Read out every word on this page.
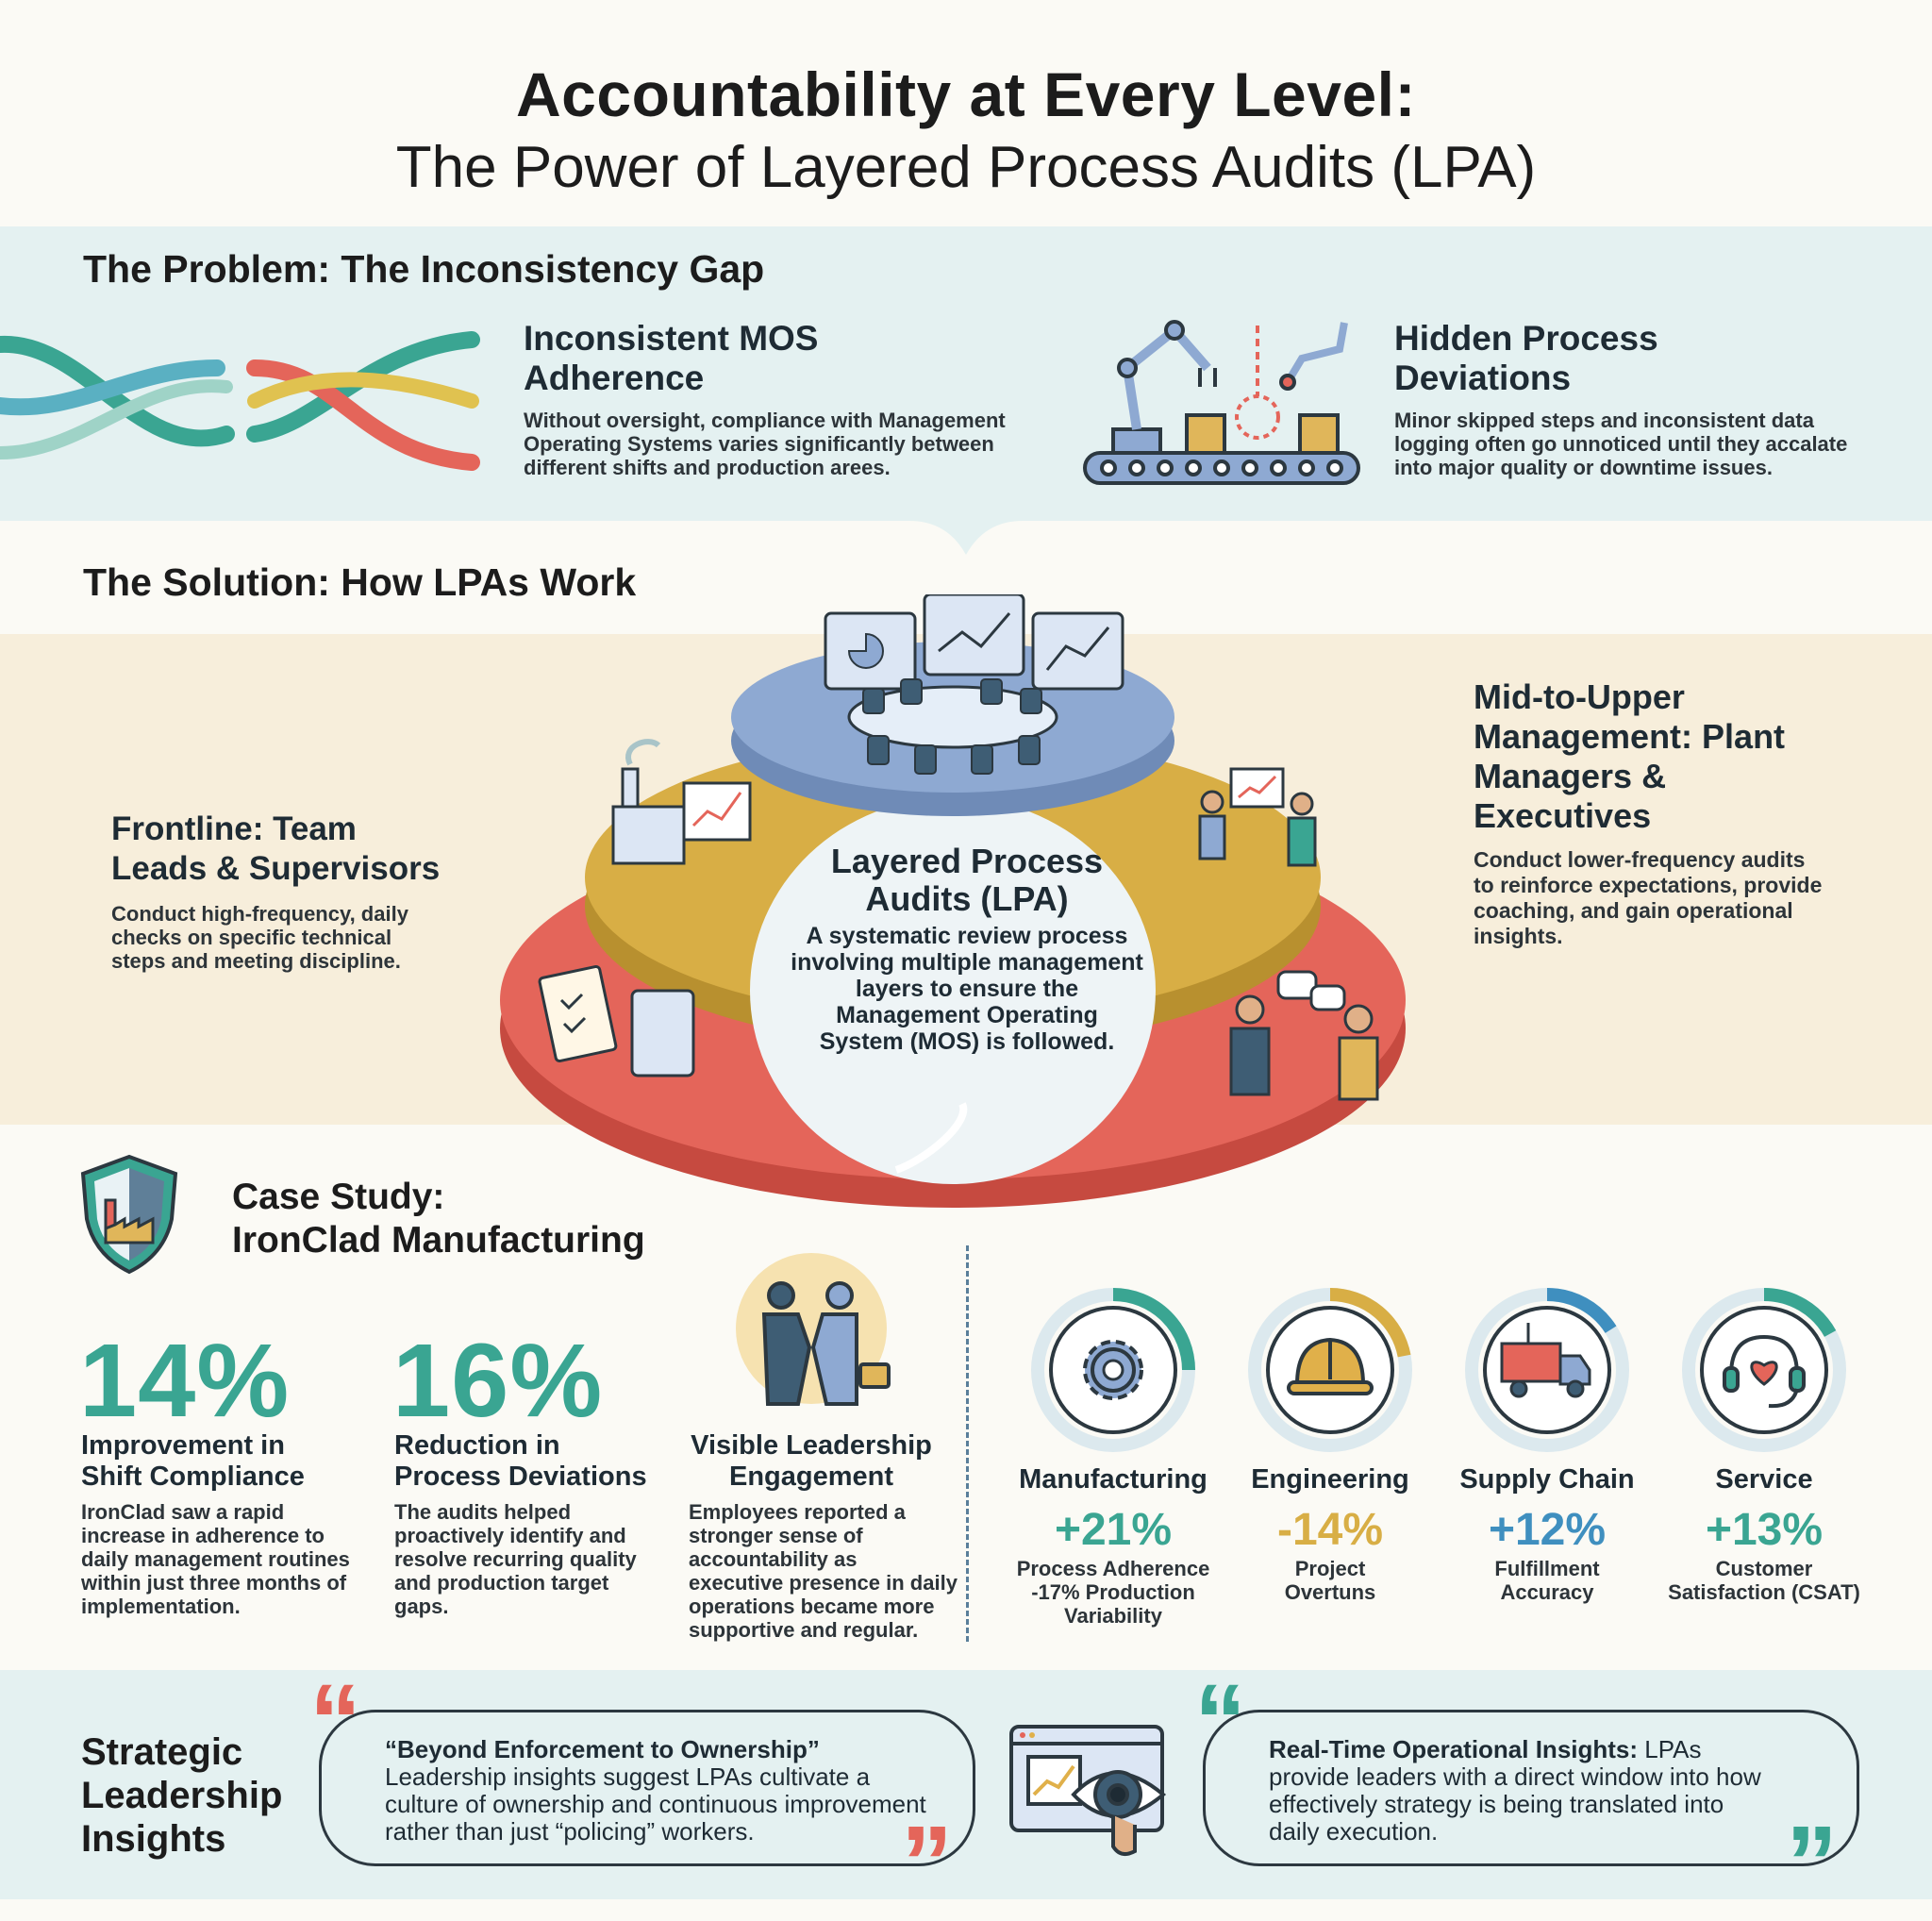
Accountability at Every Level:
The Power of Layered Process Audits (LPA)
The Problem: The Inconsistency Gap
Inconsistent MOS
Adherence
Without oversight, compliance with Management
Operating Systems varies significantly between
different shifts and production arees.
Hidden Process
Deviations
Minor skipped steps and inconsistent data
logging often go unnoticed until they accalate
into major quality or downtime issues.
The Solution: How LPAs Work
Layered Process
Audits (LPA)
A systematic review process
involving multiple management
layers to ensure the
Management Operating
System (MOS) is followed.
Frontline: Team
Leads & Supervisors
Conduct high-frequency, daily
checks on specific technical
steps and meeting discipline.
Mid-to-Upper
Management: Plant
Managers &
Executives
Conduct lower-frequency audits
to reinforce expectations, provide
coaching, and gain operational
insights.
Case Study:
IronClad Manufacturing
14%
Improvement in
Shift Compliance
IronClad saw a rapid
increase in adherence to
daily management routines
within just three months of
implementation.
16%
Reduction in
Process Deviations
The audits helped
proactively identify and
resolve recurring quality
and production target
gaps.
Visible Leadership
Engagement
Employees reported a
stronger sense of
accountability as
executive presence in daily
operations became more
supportive and regular.
Manufacturing
+21%
Process Adherence
-17% Production
Variability
Engineering
-14%
Project
Overtuns
Supply Chain
+12%
Fulfillment
Accuracy
Service
+13%
Customer
Satisfaction (CSAT)
Strategic
Leadership
Insights
“
”
“Beyond Enforcement to Ownership”
Leadership insights suggest LPAs cultivate a
culture of ownership and continuous improvement
rather than just “policing” workers.
“
”
Real-Time Operational Insights: LPAs
provide leaders with a direct window into how
effectively strategy is being translated into
daily execution.
